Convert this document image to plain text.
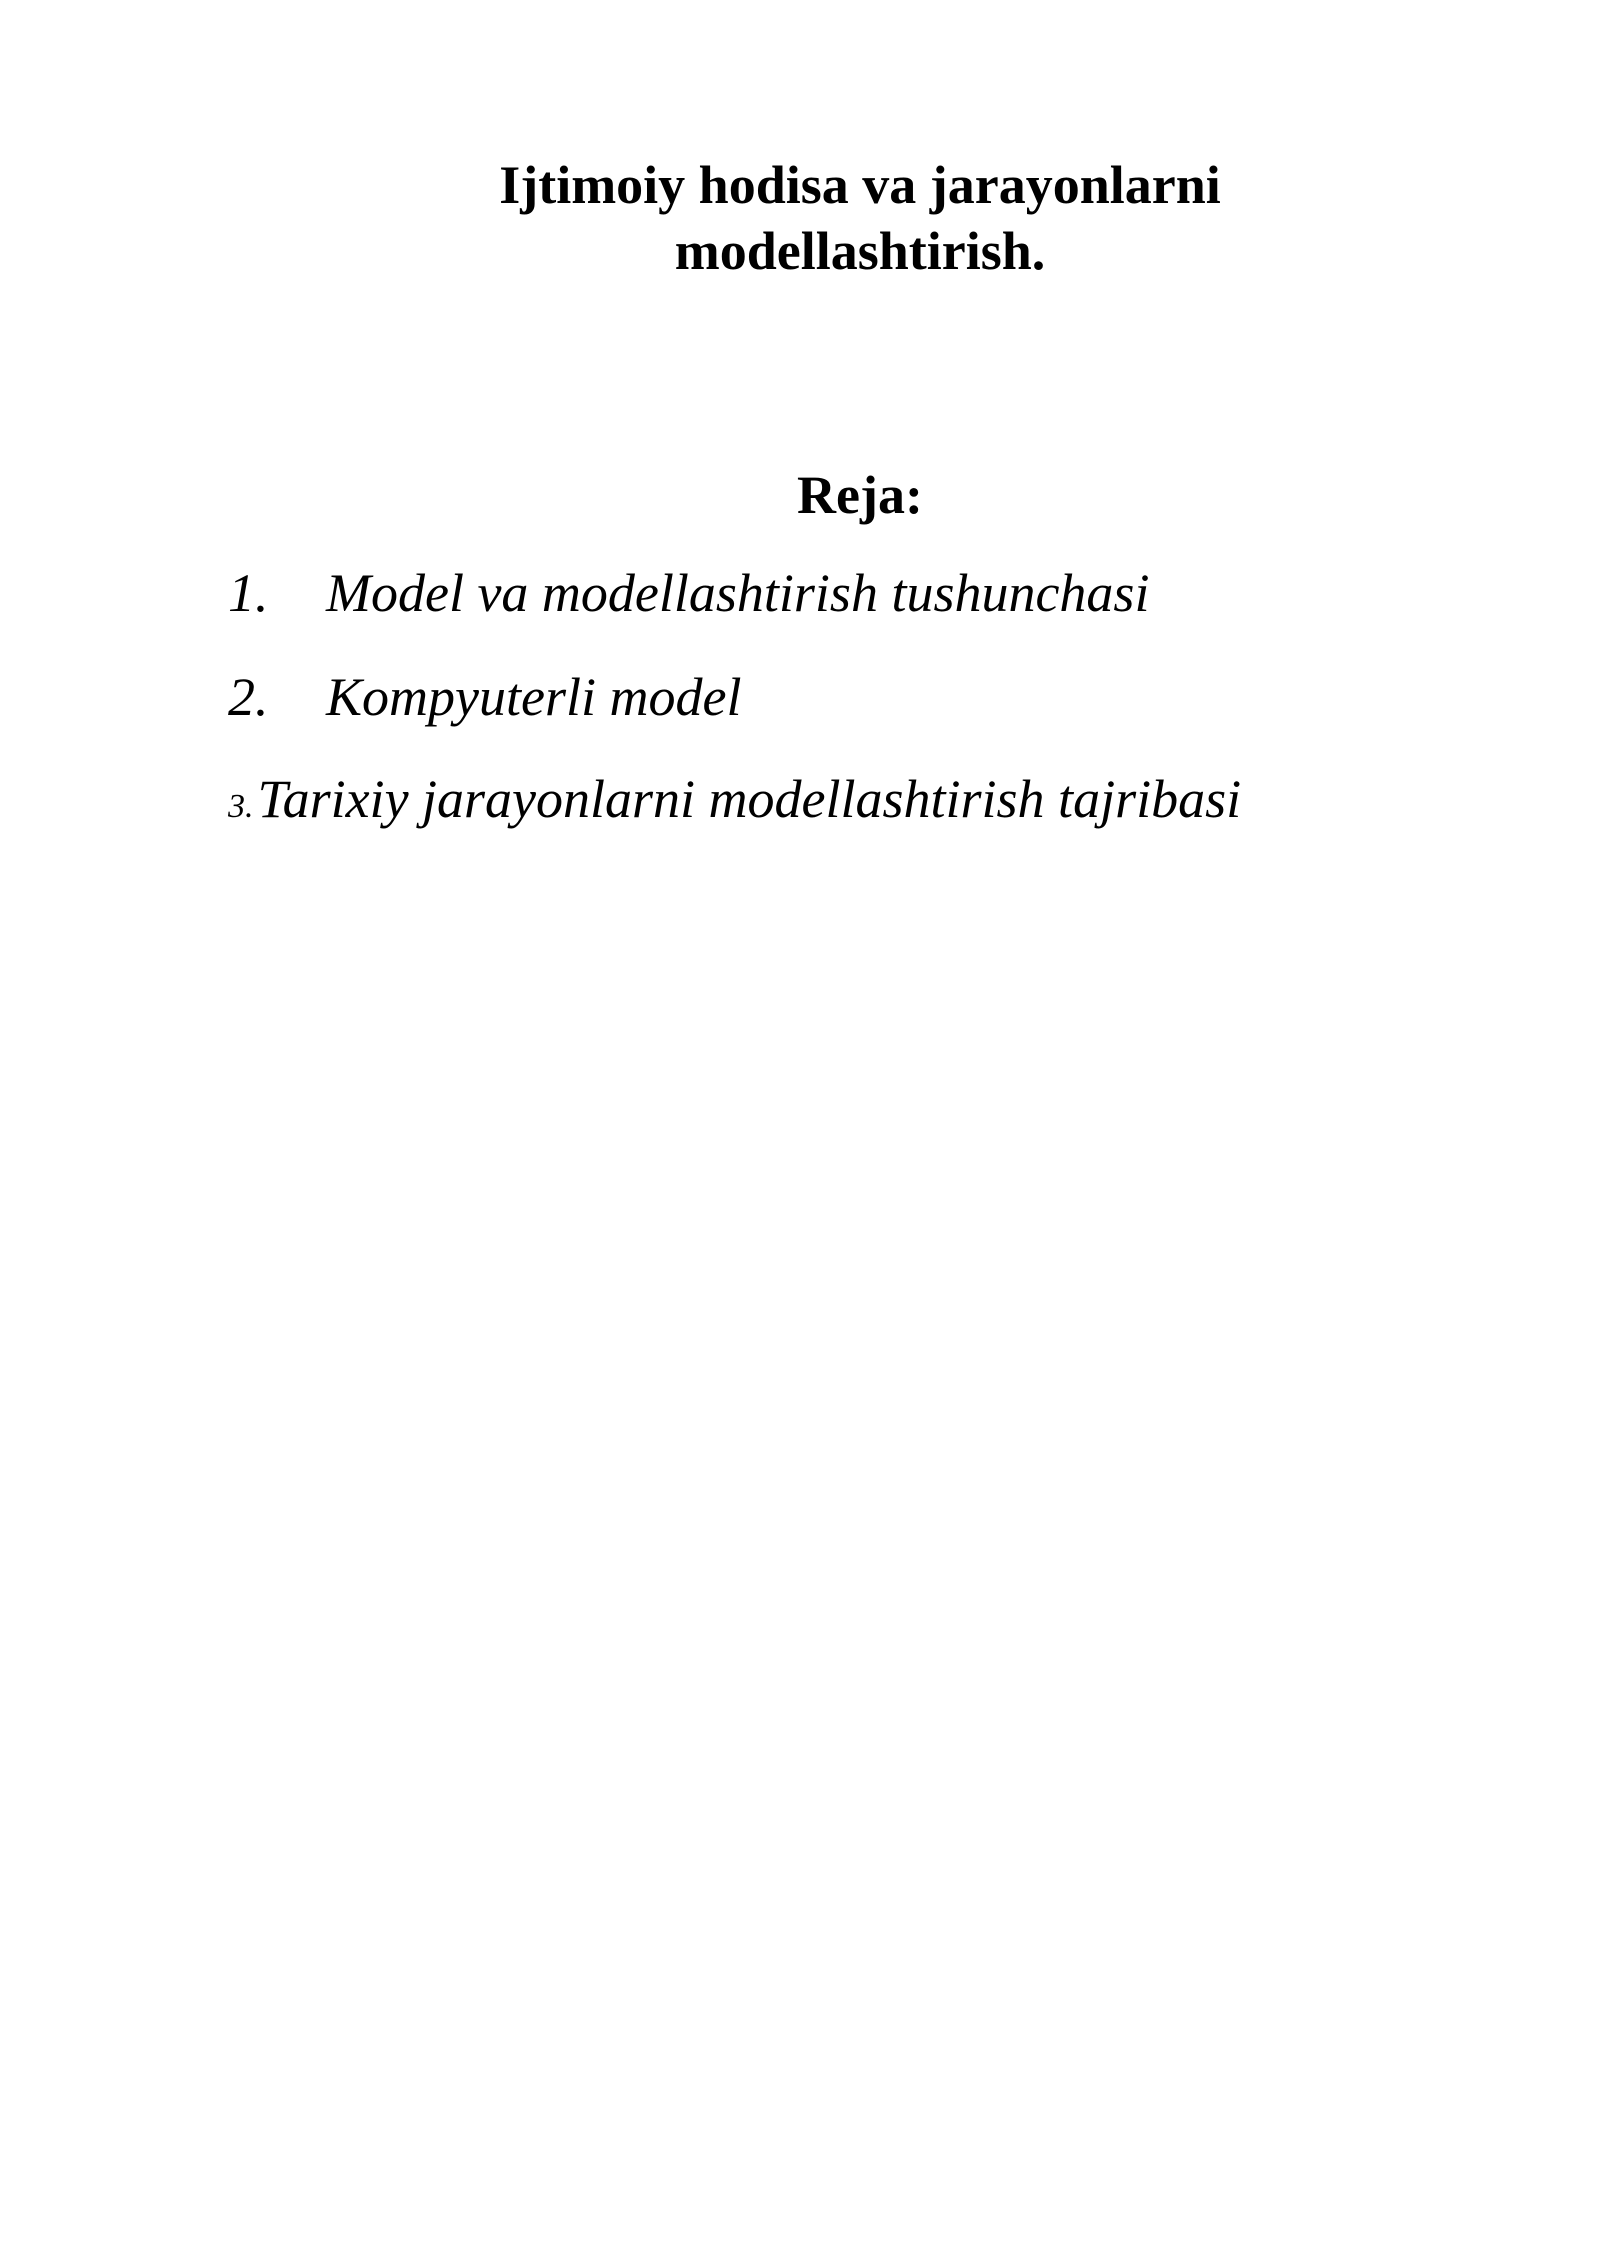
Ijtimoiy hodisa va jarayonlarni
modellashtirish.
Reja:
1. Model va modellashtirish tushunchasi
2. Kompyuterli model
3.Tarixiy jarayonlarni modellashtirish tajribasi
